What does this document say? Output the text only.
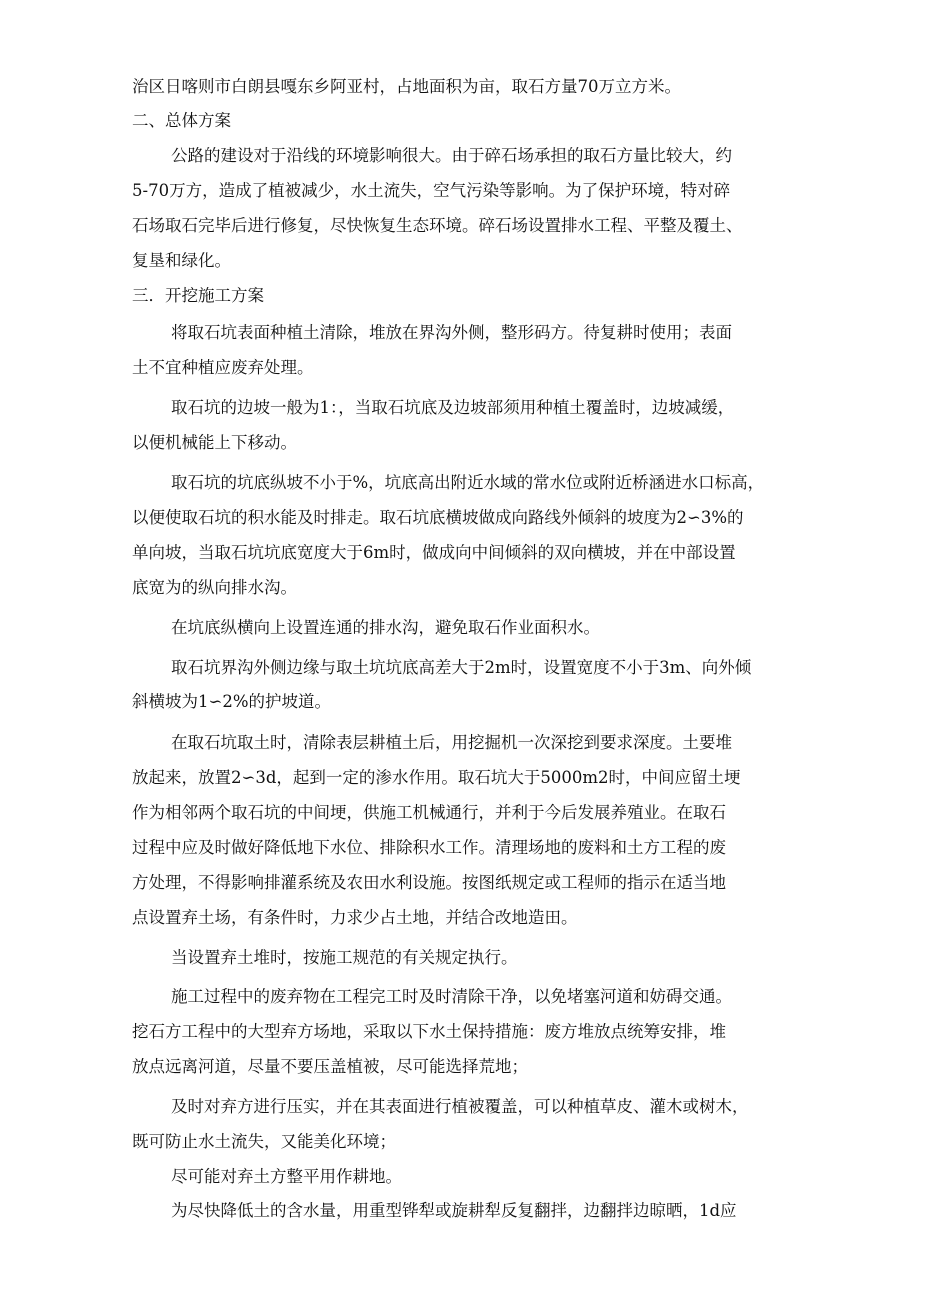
治区日喀则市白朗县嘎东乡阿亚村，占地面积为亩，取石方量70万立方米。
二、总体方案
公路的建设对于沿线的环境影响很大。由于碎石场承担的取石方量比较大，约
5-70万方，造成了植被减少，水土流失，空气污染等影响。为了保护环境，特对碎
石场取石完毕后进行修复，尽快恢复生态环境。碎石场设置排水工程、平整及覆土、
复垦和绿化。
三．开挖施工方案
将取石坑表面种植土清除，堆放在界沟外侧，整形码方。待复耕时使用；表面
土不宜种植应废弃处理。
取石坑的边坡一般为1：，当取石坑底及边坡部须用种植土覆盖时，边坡减缓，
以便机械能上下移动。
取石坑的坑底纵坡不小于%，坑底高出附近水域的常水位或附近桥涵进水口标高，
以便使取石坑的积水能及时排走。取石坑底横坡做成向路线外倾斜的坡度为2∽3%的
单向坡，当取石坑坑底宽度大于6m时，做成向中间倾斜的双向横坡，并在中部设置
底宽为的纵向排水沟。
在坑底纵横向上设置连通的排水沟，避免取石作业面积水。
取石坑界沟外侧边缘与取土坑坑底高差大于2m时，设置宽度不小于3m、向外倾
斜横坡为1∽2%的护坡道。
在取石坑取土时，清除表层耕植土后，用挖掘机一次深挖到要求深度。土要堆
放起来，放置2∽3d，起到一定的渗水作用。取石坑大于5000m2时，中间应留土埂
作为相邻两个取石坑的中间埂，供施工机械通行，并利于今后发展养殖业。在取石
过程中应及时做好降低地下水位、排除积水工作。清理场地的废料和土方工程的废
方处理，不得影响排灌系统及农田水利设施。按图纸规定或工程师的指示在适当地
点设置弃土场，有条件时，力求少占土地，并结合改地造田。
当设置弃土堆时，按施工规范的有关规定执行。
施工过程中的废弃物在工程完工时及时清除干净，以免堵塞河道和妨碍交通。
挖石方工程中的大型弃方场地，采取以下水土保持措施：废方堆放点统筹安排，堆
放点远离河道，尽量不要压盖植被，尽可能选择荒地；
及时对弃方进行压实，并在其表面进行植被覆盖，可以种植草皮、灌木或树木，
既可防止水土流失，又能美化环境；
尽可能对弃土方整平用作耕地。
为尽快降低土的含水量，用重型铧犁或旋耕犁反复翻拌，边翻拌边晾晒，1d应
